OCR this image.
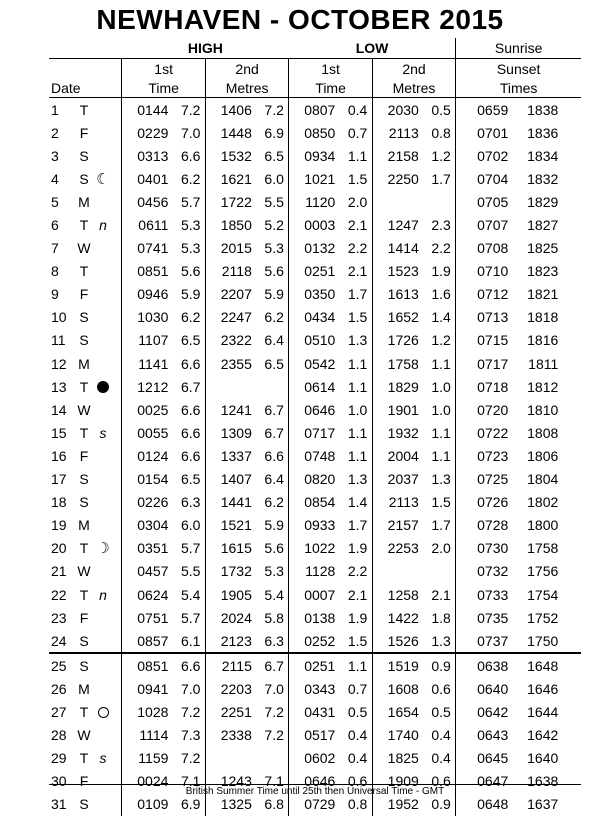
NEWHAVEN - OCTOBER 2015
	HIGH		LOW		Sunrise
	1st	2nd	1st	2nd	Sunset
Date	Time	Metres	Time	Metres	Times
1 T	0144 7.2	1406 7.2	0807 0.4	2030 0.5	0659 1838
2 F	0229 7.0	1448 6.9	0850 0.7	2113 0.8	0701 1836
3 S	0313 6.6	1532 6.5	0934 1.1	2158 1.2	0702 1834
4 S ☾	0401 6.2	1621 6.0	1021 1.5	2250 1.7	0704 1832
5 M	0456 5.7	1722 5.5	1120 2.0		0705 1829
6 T n	0611 5.3	1850 5.2	0003 2.1	1247 2.3	0707 1827
7 W	0741 5.3	2015 5.3	0132 2.2	1414 2.2	0708 1825
8 T	0851 5.6	2118 5.6	0251 2.1	1523 1.9	0710 1823
9 F	0946 5.9	2207 5.9	0350 1.7	1613 1.6	0712 1821
10 S	1030 6.2	2247 6.2	0434 1.5	1652 1.4	0713 1818
11 S	1107 6.5	2322 6.4	0510 1.3	1726 1.2	0715 1816
12 M	1141 6.6	2355 6.5	0542 1.1	1758 1.1	0717 1811
13 T	1212 6.7		0614 1.1	1829 1.0	0718 1812
14 W	0025 6.6	1241 6.7	0646 1.0	1901 1.0	0720 1810
15 T s	0055 6.6	1309 6.7	0717 1.1	1932 1.1	0722 1808
16 F	0124 6.6	1337 6.6	0748 1.1	2004 1.1	0723 1806
17 S	0154 6.5	1407 6.4	0820 1.3	2037 1.3	0725 1804
18 S	0226 6.3	1441 6.2	0854 1.4	2113 1.5	0726 1802
19 M	0304 6.0	1521 5.9	0933 1.7	2157 1.7	0728 1800
20 T ☽	0351 5.7	1615 5.6	1022 1.9	2253 2.0	0730 1758
21 W	0457 5.5	1732 5.3	1128 2.2		0732 1756
22 T n	0624 5.4	1905 5.4	0007 2.1	1258 2.1	0733 1754
23 F	0751 5.7	2024 5.8	0138 1.9	1422 1.8	0735 1752
24 S	0857 6.1	2123 6.3	0252 1.5	1526 1.3	0737 1750
25 S	0851 6.6	2115 6.7	0251 1.1	1519 0.9	0638 1648
26 M	0941 7.0	2203 7.0	0343 0.7	1608 0.6	0640 1646
27 T	1028 7.2	2251 7.2	0431 0.5	1654 0.5	0642 1644
28 W	1114 7.3	2338 7.2	0517 0.4	1740 0.4	0643 1642
29 T s	1159 7.2		0602 0.4	1825 0.4	0645 1640
30 F	0024 7.1	1243 7.1	0646 0.6	1909 0.6	0647 1638
31 S	0109 6.9	1325 6.8	0729 0.8	1952 0.9	0648 1637
British Summer Time until 25th then Universal Time - GMT
